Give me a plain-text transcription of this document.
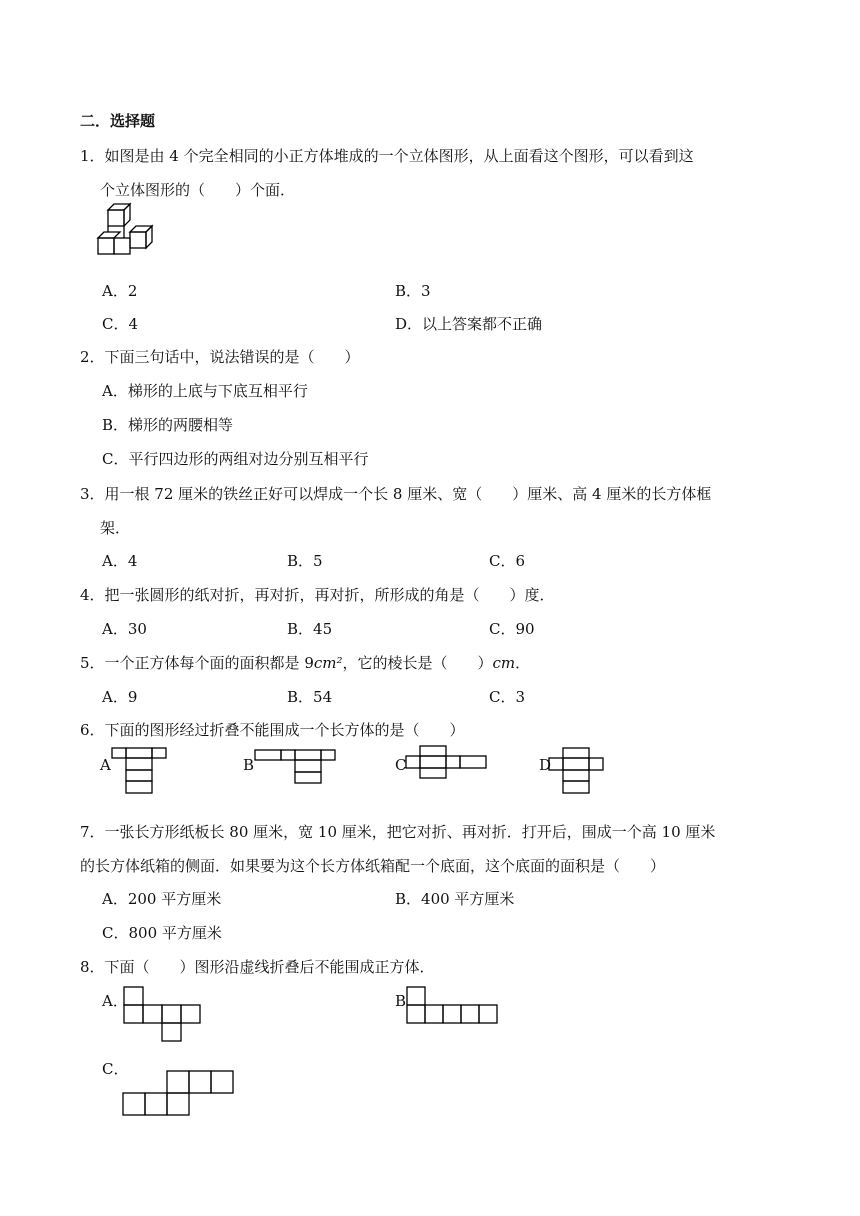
二．选择题
1．如图是由 4 个完全相同的小正方体堆成的一个立体图形，从上面看这个图形，可以看到这
个立体图形的（　　）个面．
A．2	B．3
C．4	D．以上答案都不正确
2．下面三句话中，说法错误的是（　　）
A．梯形的上底与下底互相平行
B．梯形的两腰相等
C．平行四边形的两组对边分别互相平行
3．用一根 72 厘米的铁丝正好可以焊成一个长 8 厘米、宽（　　）厘米、高 4 厘米的长方体框
架．
A．4	B．5	C．6
4．把一张圆形的纸对折，再对折，再对折，所形成的角是（　　）度．
A．30	B．45	C．90
5．一个正方体每个面的面积都是 9cm²，它的棱长是（　　）cm．
A．9	B．54	C．3
6．下面的图形经过折叠不能围成一个长方体的是（　　）
A	B	C	D
7．一张长方形纸板长 80 厘米，宽 10 厘米，把它对折、再对折．打开后，围成一个高 10 厘米
的长方体纸箱的侧面．如果要为这个长方体纸箱配一个底面，这个底面的面积是（　　）
A．200 平方厘米	B．400 平方厘米
C．800 平方厘米
8．下面（　　）图形沿虚线折叠后不能围成正方体．
A．	B
C．
